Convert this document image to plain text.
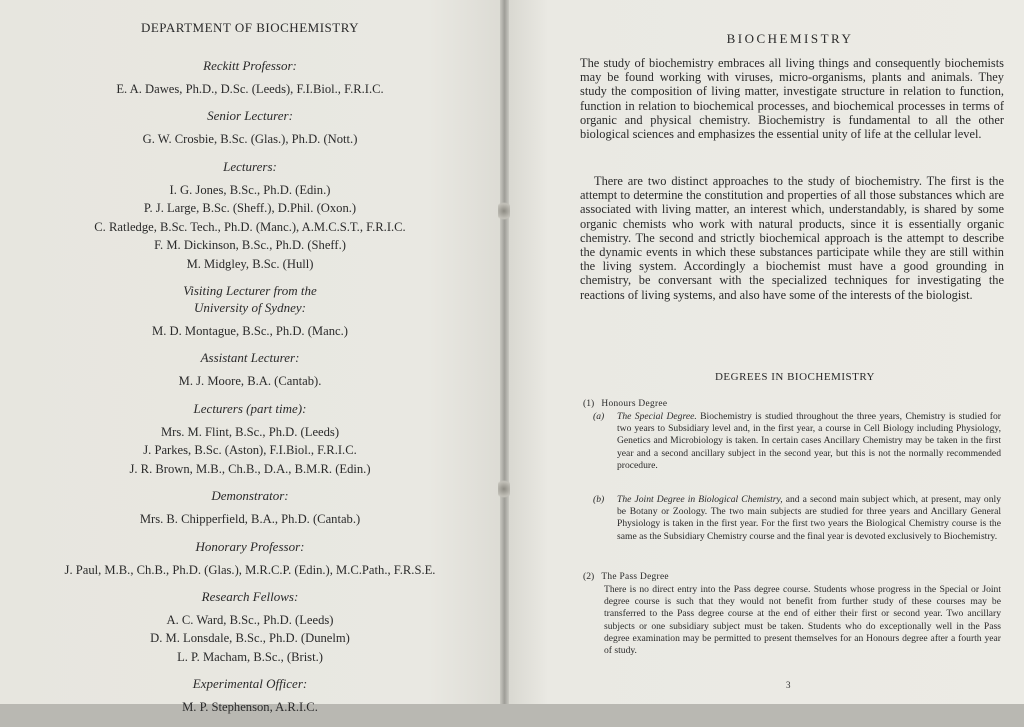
DEPARTMENT OF BIOCHEMISTRY
Reckitt Professor:
E. A. Dawes, Ph.D., D.Sc. (Leeds), F.I.Biol., F.R.I.C.
Senior Lecturer:
G. W. Crosbie, B.Sc. (Glas.), Ph.D. (Nott.)
Lecturers:
I. G. Jones, B.Sc., Ph.D. (Edin.)
P. J. Large, B.Sc. (Sheff.), D.Phil. (Oxon.)
C. Ratledge, B.Sc. Tech., Ph.D. (Manc.), A.M.C.S.T., F.R.I.C.
F. M. Dickinson, B.Sc., Ph.D. (Sheff.)
M. Midgley, B.Sc. (Hull)
Visiting Lecturer from the University of Sydney:
M. D. Montague, B.Sc., Ph.D. (Manc.)
Assistant Lecturer:
M. J. Moore, B.A. (Cantab).
Lecturers (part time):
Mrs. M. Flint, B.Sc., Ph.D. (Leeds)
J. Parkes, B.Sc. (Aston), F.I.Biol., F.R.I.C.
J. R. Brown, M.B., Ch.B., D.A., B.M.R. (Edin.)
Demonstrator:
Mrs. B. Chipperfield, B.A., Ph.D. (Cantab.)
Honorary Professor:
J. Paul, M.B., Ch.B., Ph.D. (Glas.), M.R.C.P. (Edin.), M.C.Path., F.R.S.E.
Research Fellows:
A. C. Ward, B.Sc., Ph.D. (Leeds)
D. M. Lonsdale, B.Sc., Ph.D. (Dunelm)
L. P. Macham, B.Sc., (Brist.)
Experimental Officer:
M. P. Stephenson, A.R.I.C.
BIOCHEMISTRY
The study of biochemistry embraces all living things and consequently biochemists may be found working with viruses, micro-organisms, plants and animals. They study the composition of living matter, investigate structure in relation to function, function in relation to biochemical processes, and biochemical processes in terms of organic and physical chemistry. Biochemistry is fundamental to all the other biological sciences and emphasizes the essential unity of life at the cellular level.
There are two distinct approaches to the study of biochemistry. The first is the attempt to determine the constitution and properties of all those substances which are associated with living matter, an interest which, understandably, is shared by some organic chemists who work with natural products, since it is essentially organic chemistry. The second and strictly biochemical approach is the attempt to describe the dynamic events in which these substances participate while they are still within the living system. Accordingly a biochemist must have a good grounding in chemistry, be conversant with the specialized techniques for investigating the reactions of living systems, and also have some of the interests of the biologist.
DEGREES IN BIOCHEMISTRY
(1) Honours Degree
(a) The Special Degree. Biochemistry is studied throughout the three years, Chemistry is studied for two years to Subsidiary level and, in the first year, a course in Cell Biology including Physiology, Genetics and Microbiology is taken. In certain cases Ancillary Chemistry may be taken in the first year and a second ancillary subject in the second year, but this is not the normally recommended procedure.
(b) The Joint Degree in Biological Chemistry, and a second main subject which, at present, may only be Botany or Zoology. The two main subjects are studied for three years and Ancillary General Physiology is taken in the first year. For the first two years the Biological Chemistry course is the same as the Subsidiary Chemistry course and the final year is devoted exclusively to Biochemistry.
(2) The Pass Degree
There is no direct entry into the Pass degree course. Students whose progress in the Special or Joint degree course is such that they would not benefit from further study of these courses may be transferred to the Pass degree course at the end of either their first or second year. Two ancillary subjects or one subsidiary subject must be taken. Students who do exceptionally well in the Pass degree examination may be permitted to present themselves for an Honours degree after a fourth year of study.
3
